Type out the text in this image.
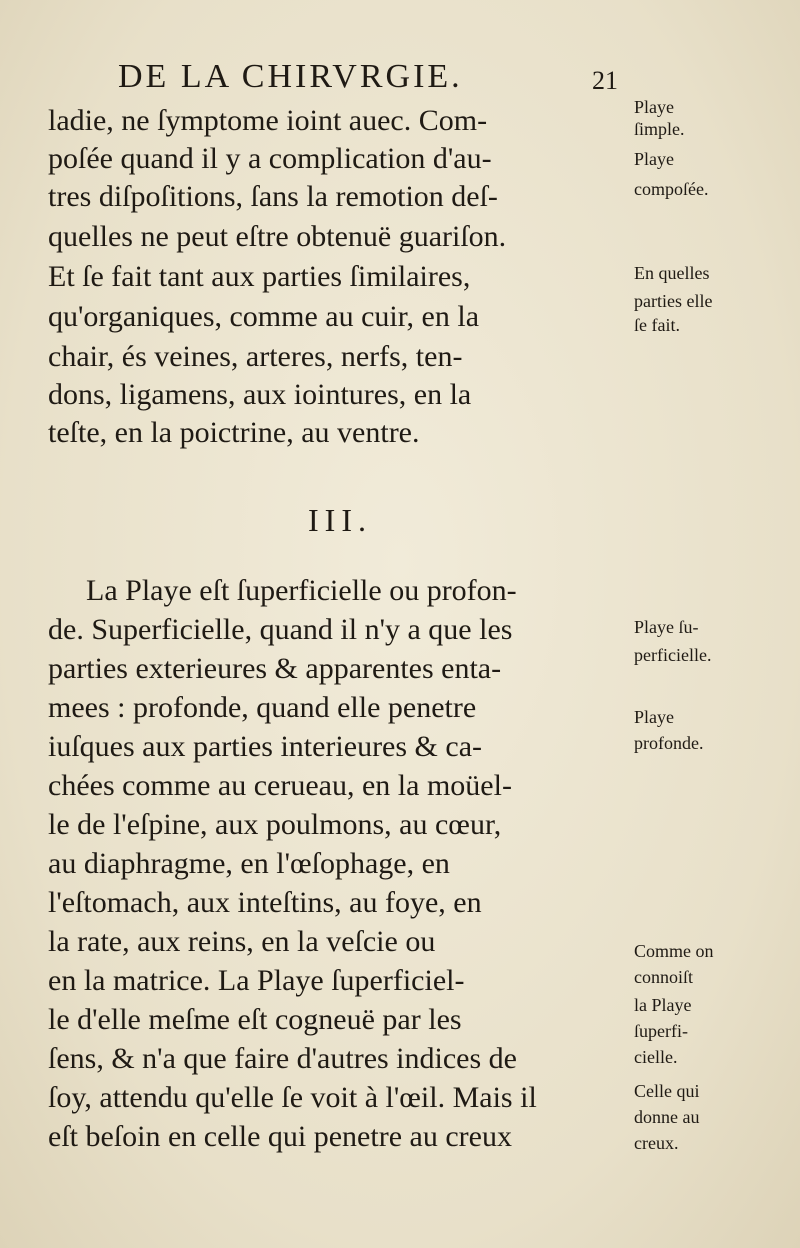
DE LA CHIRVRGIE.	21
ladie, ne ſymptome ioint auec. Com-
poſée quand il y a complication d'au-
tres diſpoſitions, ſans la remotion deſ-
quelles ne peut eſtre obtenuë guariſon.
Et ſe fait tant aux parties ſimilaires,
qu'organiques, comme au cuir, en la
chair, és veines, arteres, nerfs, ten-
dons, ligamens, aux iointures, en la
teſte, en la poictrine, au ventre.
III.
La Playe eſt ſuperficielle ou profon-
de. Superficielle, quand il n'y a que les
parties exterieures & apparentes enta-
mees : profonde, quand elle penetre
iuſques aux parties interieures & ca-
chées comme au cerueau, en la moüel-
le de l'eſpine, aux poulmons, au cœur,
au diaphragme, en l'œſophage, en
l'eſtomach, aux inteſtins, au foye, en
la rate, aux reins, en la veſcie ou
en la matrice. La Playe ſuperficiel-
le d'elle meſme eſt cogneuë par les
ſens, & n'a que faire d'autres indices de
ſoy, attendu qu'elle ſe voit à l'œil. Mais il
eſt beſoin en celle qui penetre au creux
Playe
ſimple.
Playe
compoſée.
En quelles
parties elle
ſe fait.
Playe ſu-
perficielle.
Playe
profonde.
Comme on
connoiſt
la Playe
ſuperfi-
cielle.
Celle qui
donne au
creux.
